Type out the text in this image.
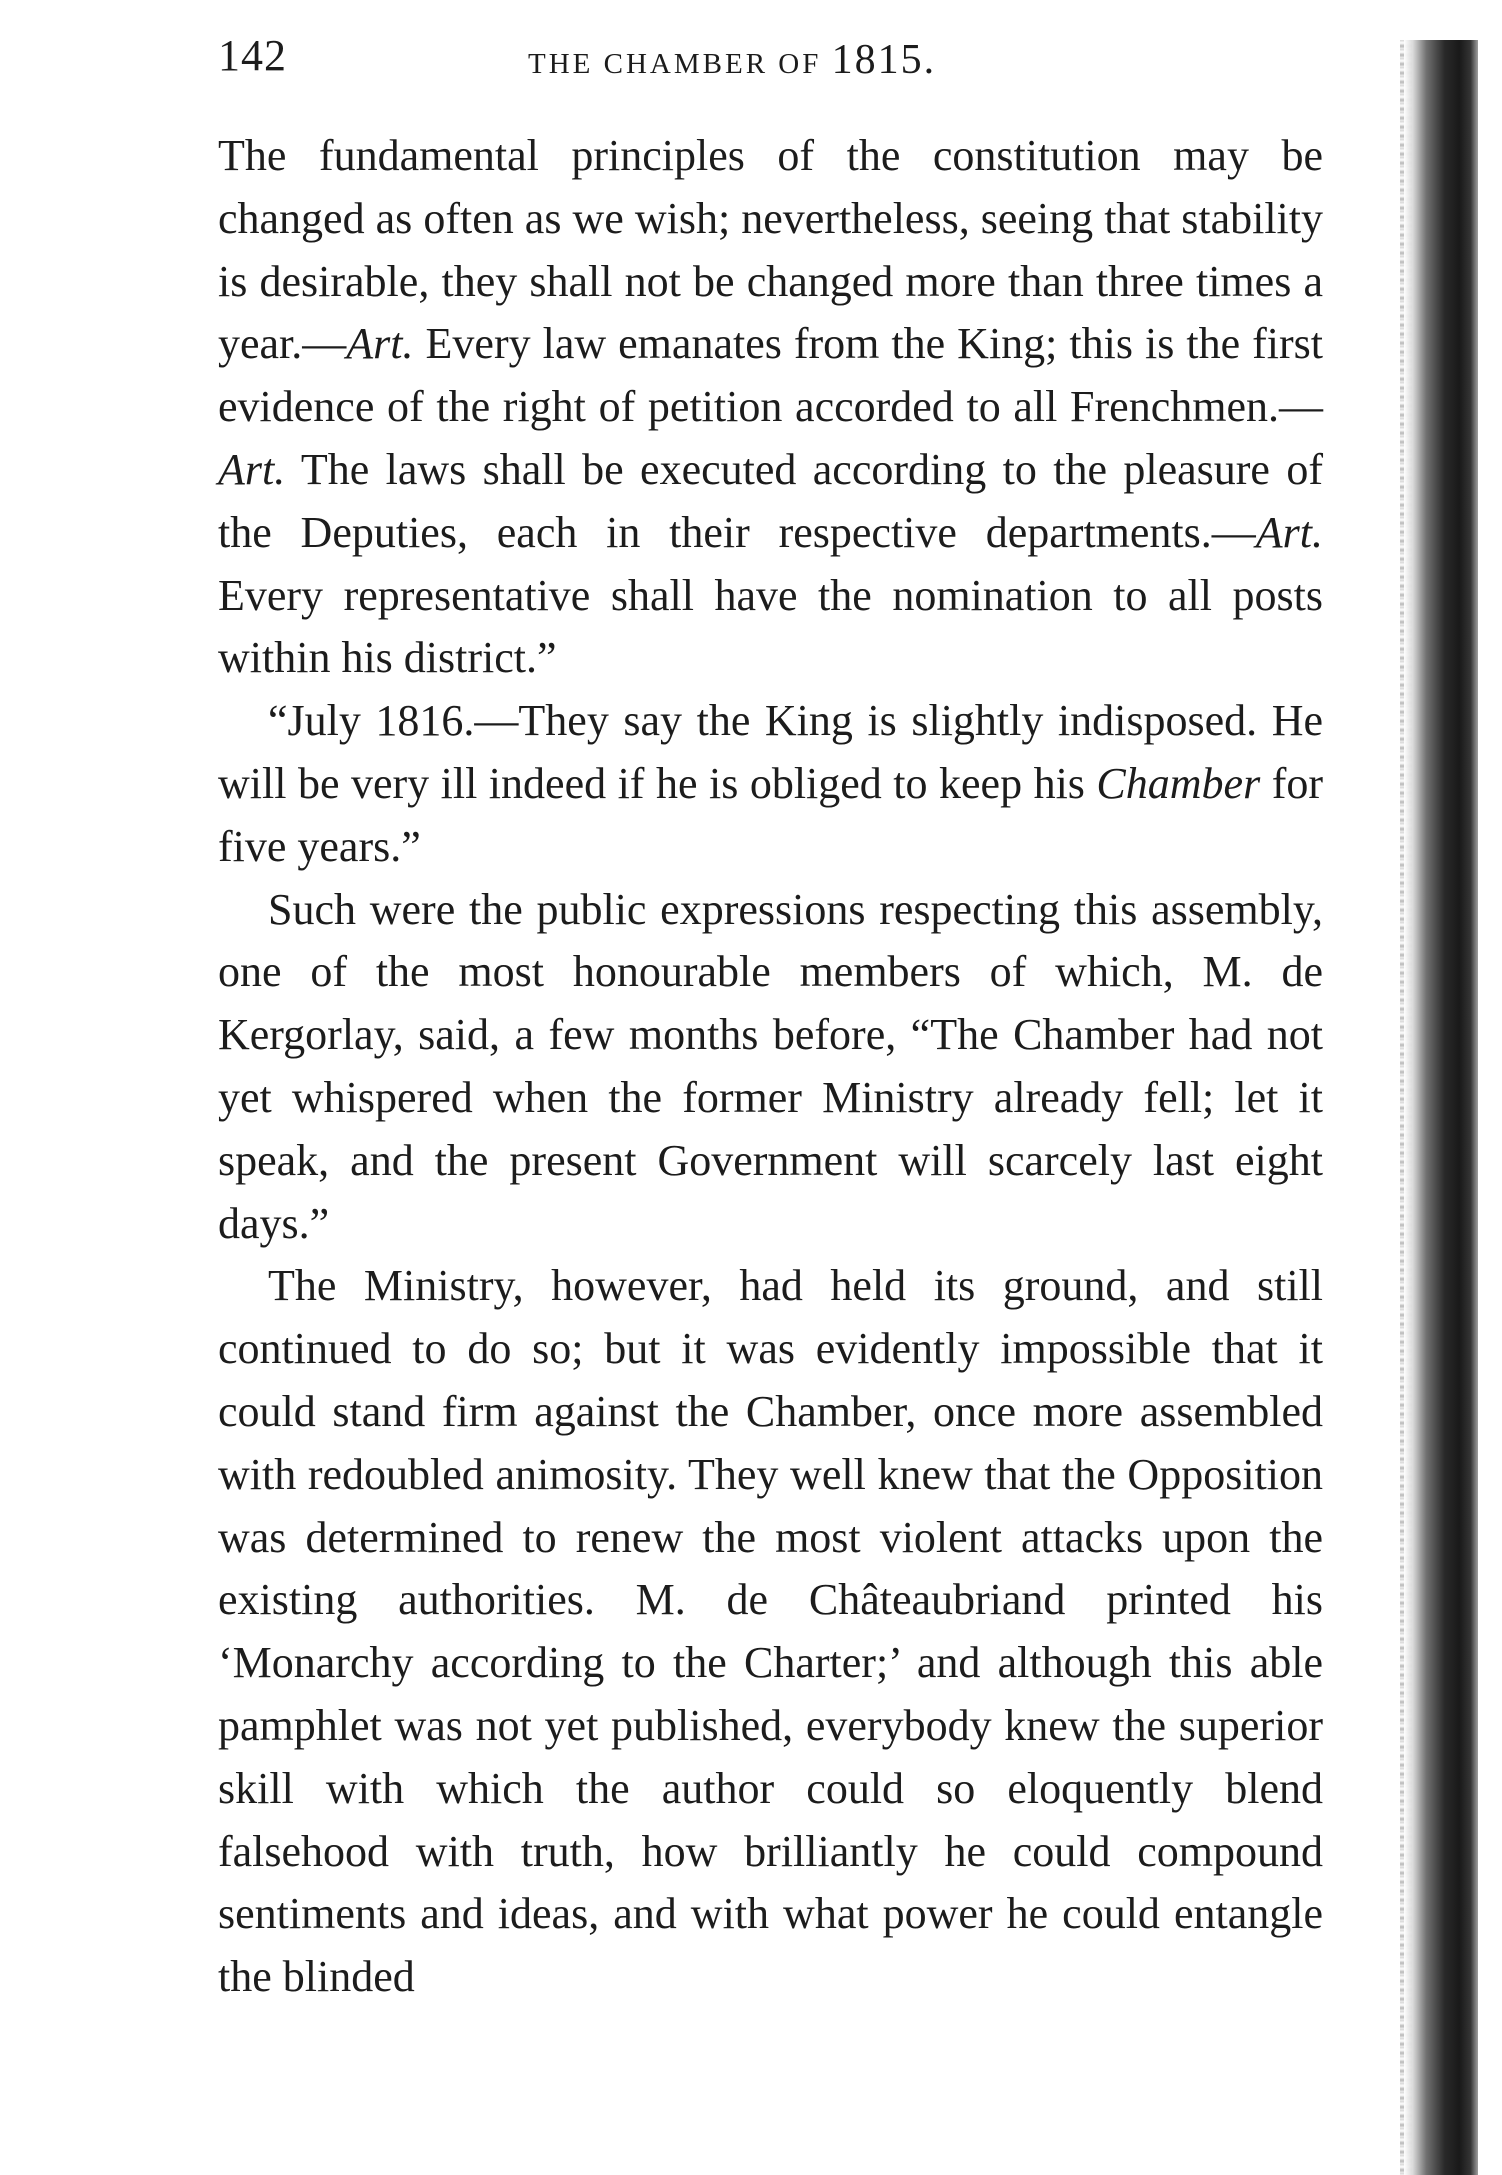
142	THE CHAMBER OF 1815.

The fundamental principles of the constitution may be changed as often as we wish; nevertheless, seeing that stability is desirable, they shall not be changed more than three times a year.—Art. Every law emanates from the King; this is the first evidence of the right of petition accorded to all Frenchmen.—Art. The laws shall be executed according to the pleasure of the Deputies, each in their respective departments.—Art. Every representative shall have the nomination to all posts within his district.”

“July 1816.—They say the King is slightly indisposed. He will be very ill indeed if he is obliged to keep his Chamber for five years.”

Such were the public expressions respecting this assembly, one of the most honourable members of which, M. de Kergorlay, said, a few months before, “The Chamber had not yet whispered when the former Ministry already fell; let it speak, and the present Government will scarcely last eight days.”

The Ministry, however, had held its ground, and still continued to do so; but it was evidently impossible that it could stand firm against the Chamber, once more assembled with redoubled animosity. They well knew that the Opposition was determined to renew the most violent attacks upon the existing authorities. M. de Châteaubriand printed his ‘Monarchy according to the Charter;’ and although this able pamphlet was not yet published, everybody knew the superior skill with which the author could so eloquently blend falsehood with truth, how brilliantly he could compound sentiments and ideas, and with what power he could entangle the blinded
